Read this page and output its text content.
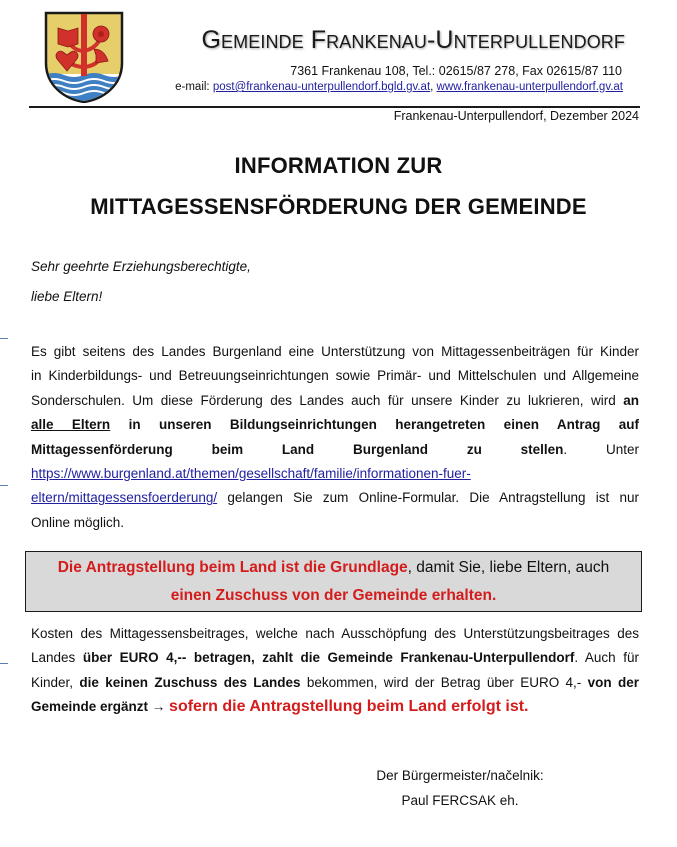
Gemeinde Frankenau-Unterpullendorf
7361 Frankenau 108, Tel.: 02615/87 278, Fax 02615/87 110
e-mail: post@frankenau-unterpullendorf.bgld.gv.at, www.frankenau-unterpullendorf.gv.at
Frankenau-Unterpullendorf, Dezember 2024
INFORMATION ZUR
MITTAGESSENSFÖRDERUNG DER GEMEINDE
Sehr geehrte Erziehungsberechtigte,
liebe Eltern!
Es gibt seitens des Landes Burgenland eine Unterstützung von Mittagessenbeiträgen für Kinder
in Kinderbildungs- und Betreuungseinrichtungen sowie Primär- und Mittelschulen und Allgemeine
Sonderschulen. Um diese Förderung des Landes auch für unsere Kinder zu lukrieren, wird an
alle Eltern in unseren Bildungseinrichtungen herangetreten einen Antrag auf
Mittagessenförderung beim Land Burgenland zu stellen. Unter
https://www.burgenland.at/themen/gesellschaft/familie/informationen-fuer-
eltern/mittagessensfoerderung/ gelangen Sie zum Online-Formular. Die Antragstellung ist nur
Online möglich.
Die Antragstellung beim Land ist die Grundlage, damit Sie, liebe Eltern, auch
einen Zuschuss von der Gemeinde erhalten.
Kosten des Mittagessensbeitrages, welche nach Ausschöpfung des Unterstützungsbeitrages des
Landes über EURO 4,-- betragen, zahlt die Gemeinde Frankenau-Unterpullendorf. Auch für
Kinder, die keinen Zuschuss des Landes bekommen, wird der Betrag über EURO 4,- von der
Gemeinde ergänzt → sofern die Antragstellung beim Land erfolgt ist.
Der Bürgermeister/načelnik:
Paul FERCSAK eh.
